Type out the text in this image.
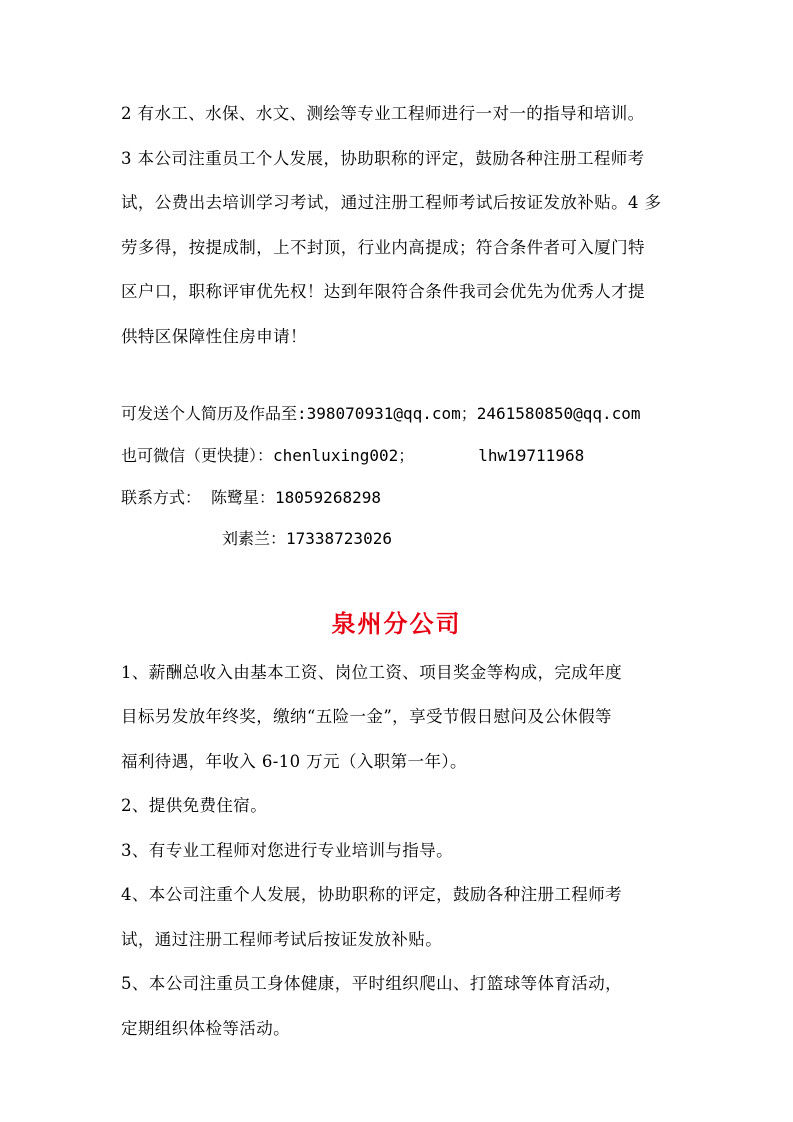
2 有水工、水保、水文、测绘等专业工程师进行一对一的指导和培训。
3 本公司注重员工个人发展，协助职称的评定，鼓励各种注册工程师考
试，公费出去培训学习考试，通过注册工程师考试后按证发放补贴。4 多
劳多得，按提成制，上不封顶，行业内高提成；符合条件者可入厦门特
区户口，职称评审优先权！达到年限符合条件我司会优先为优秀人才提
供特区保障性住房申请！
可发送个人简历及作品至:398070931@qq.com；2461580850@qq.com
也可微信（更快捷）：chenluxing002；	lhw19711968
联系方式： 陈鹭星：18059268298
刘素兰：17338723026
泉州分公司
1、薪酬总收入由基本工资、岗位工资、项目奖金等构成，完成年度
目标另发放年终奖，缴纳“五险一金”，享受节假日慰问及公休假等
福利待遇，年收入 6-10 万元（入职第一年）。
2、提供免费住宿。
3、有专业工程师对您进行专业培训与指导。
4、本公司注重个人发展，协助职称的评定，鼓励各种注册工程师考
试，通过注册工程师考试后按证发放补贴。
5、本公司注重员工身体健康，平时组织爬山、打篮球等体育活动，
定期组织体检等活动。
